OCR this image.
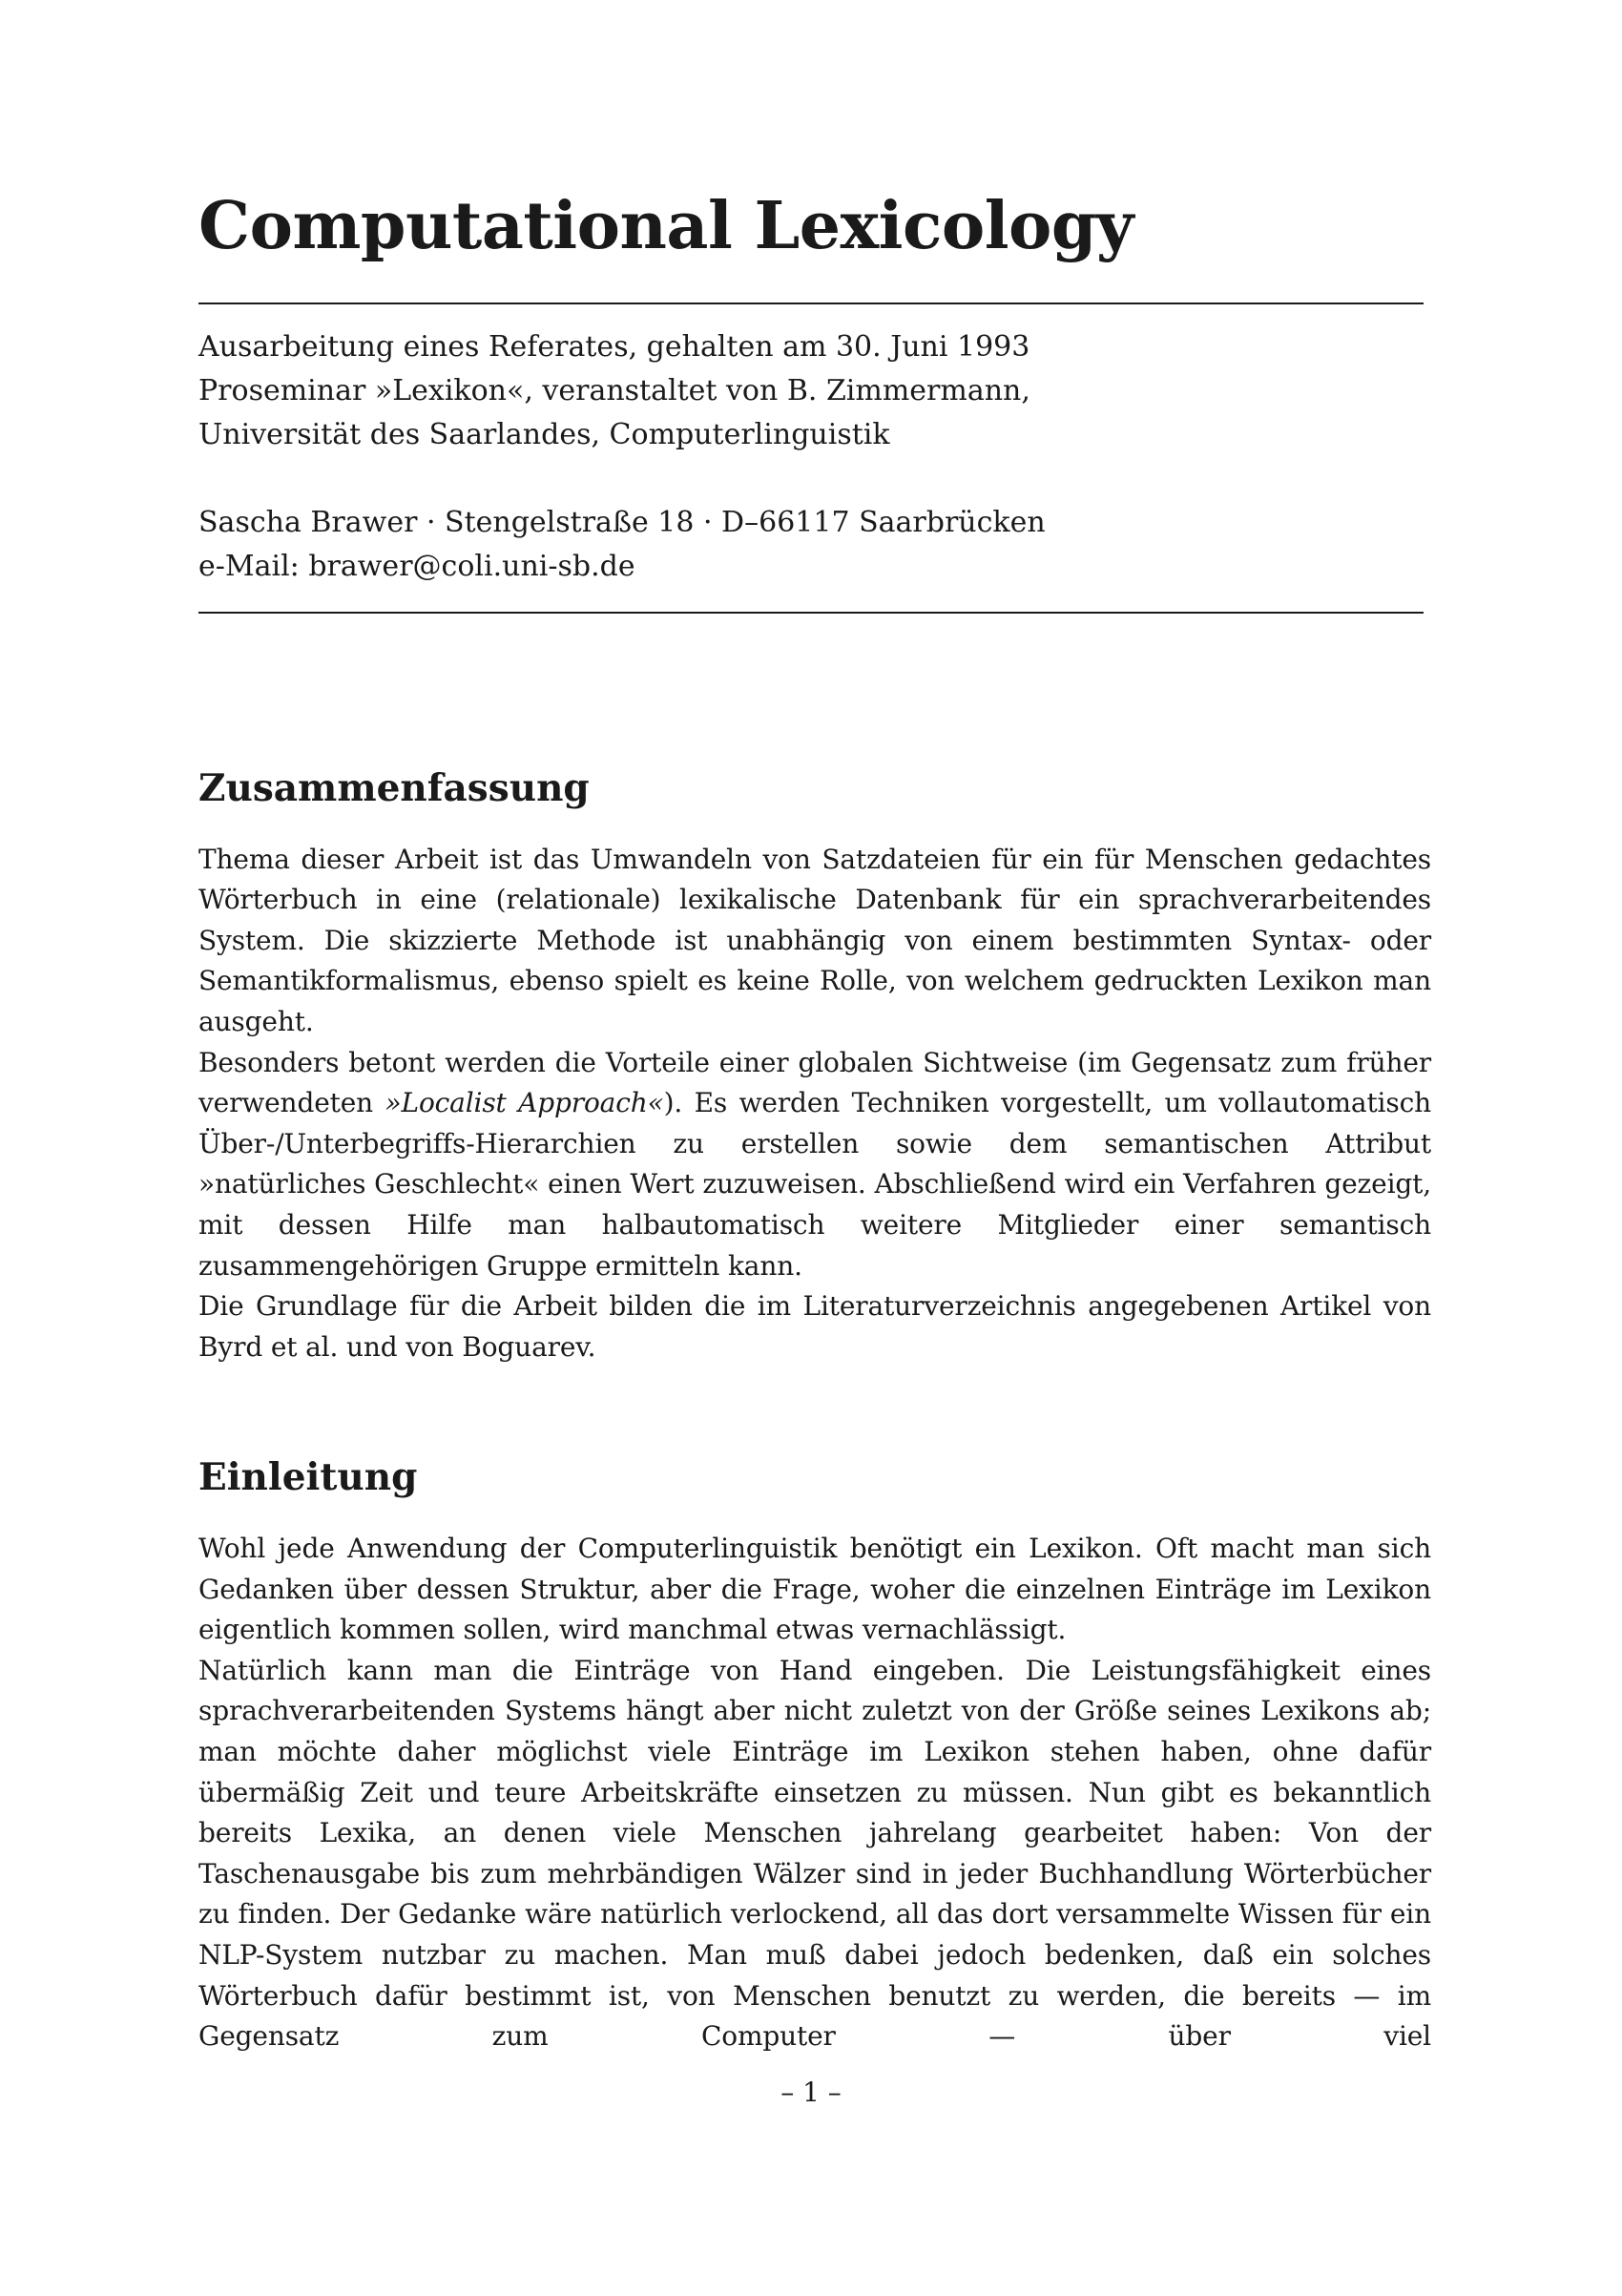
Computational Lexicology
Ausarbeitung eines Referates, gehalten am 30. Juni 1993
Proseminar »Lexikon«, veranstaltet von B. Zimmermann,
Universität des Saarlandes, Computerlinguistik
Sascha Brawer · Stengelstraße 18 · D–66117 Saarbrücken
e-Mail: brawer@coli.uni-sb.de
Zusammenfassung

Thema dieser Arbeit ist das Umwandeln von Satzdateien für ein für Menschen gedachtes Wörterbuch in eine (relationale) lexikalische Datenbank für ein sprachverarbeitendes System. Die skizzierte Methode ist unabhängig von einem bestimmten Syntax- oder Semantikformalismus, ebenso spielt es keine Rolle, von welchem gedruckten Lexikon man ausgeht.

Besonders betont werden die Vorteile einer globalen Sichtweise (im Gegensatz zum früher verwendeten »Localist Approach«). Es werden Techniken vorgestellt, um vollautomatisch Über-/Unterbegriffs-Hierarchien zu erstellen sowie dem semantischen Attribut »natürliches Geschlecht« einen Wert zuzuweisen. Abschließend wird ein Verfahren gezeigt, mit dessen Hilfe man halbautomatisch weitere Mitglieder einer semantisch zusammengehörigen Gruppe ermitteln kann.

Die Grundlage für die Arbeit bilden die im Literaturverzeichnis angegebenen Artikel von Byrd et al. und von Boguarev.

Einleitung

Wohl jede Anwendung der Computerlinguistik benötigt ein Lexikon. Oft macht man sich Gedanken über dessen Struktur, aber die Frage, woher die einzelnen Einträge im Lexikon eigentlich kommen sollen, wird manchmal etwas vernachlässigt.

Natürlich kann man die Einträge von Hand eingeben. Die Leistungsfähigkeit eines sprachverarbeitenden Systems hängt aber nicht zuletzt von der Größe seines Lexikons ab; man möchte daher möglichst viele Einträge im Lexikon stehen haben, ohne dafür übermäßig Zeit und teure Arbeitskräfte einsetzen zu müssen. Nun gibt es bekanntlich bereits Lexika, an denen viele Menschen jahrelang gearbeitet haben: Von der Taschenausgabe bis zum mehrbändigen Wälzer sind in jeder Buchhandlung Wörterbücher zu finden. Der Gedanke wäre natürlich verlockend, all das dort versammelte Wissen für ein NLP-System nutzbar zu machen. Man muß dabei jedoch bedenken, daß ein solches Wörterbuch dafür bestimmt ist, von Menschen benutzt zu werden, die bereits — im Gegensatz zum Computer — über viel

– 1 –
